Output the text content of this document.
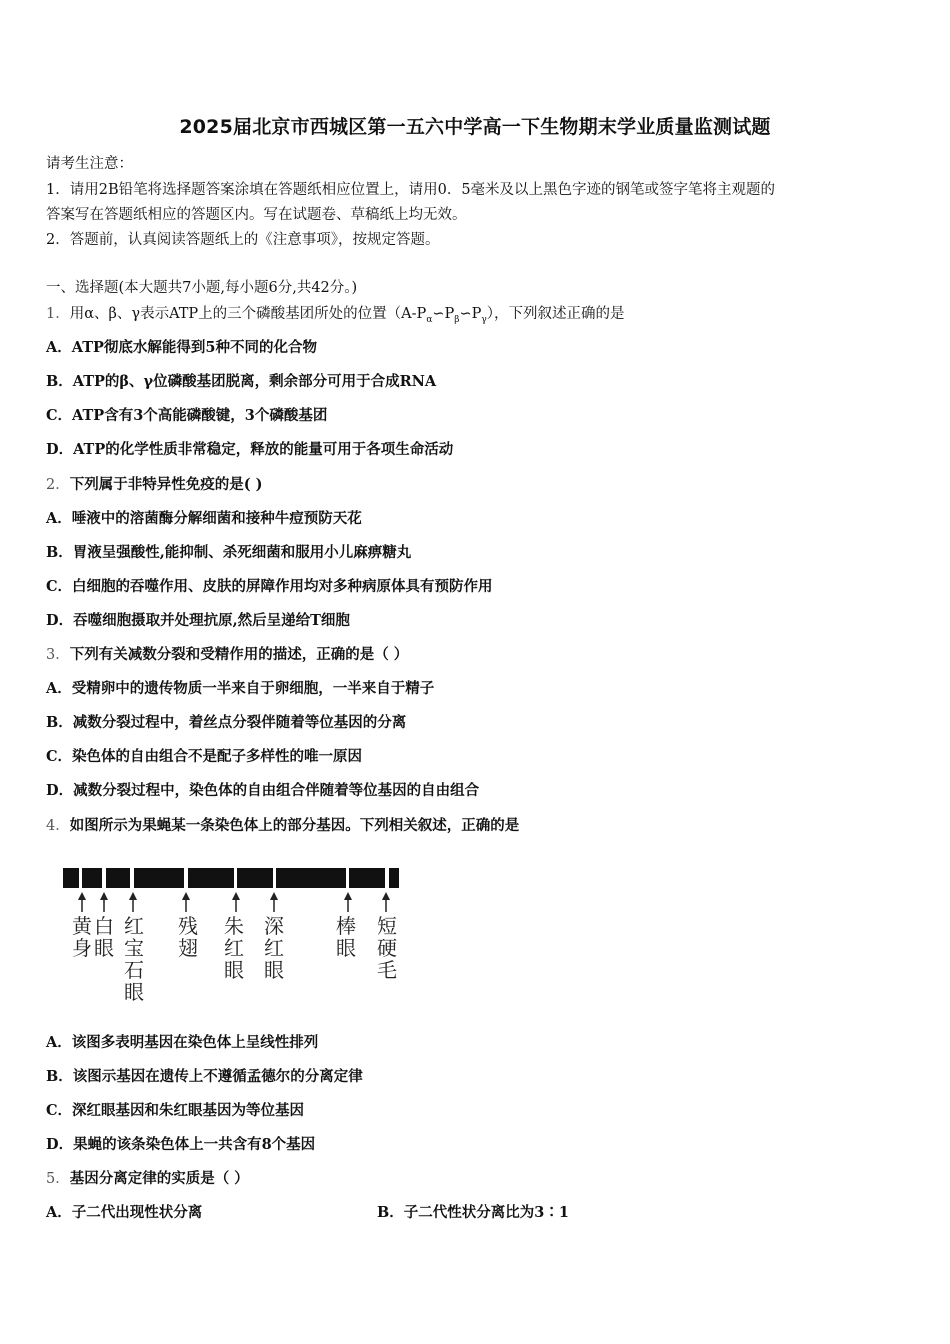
2025届北京市西城区第一五六中学高一下生物期末学业质量监测试题
请考生注意：
1．请用2B铅笔将选择题答案涂填在答题纸相应位置上，请用0．5毫米及以上黑色字迹的钢笔或签字笔将主观题的
答案写在答题纸相应的答题区内。写在试题卷、草稿纸上均无效。
2．答题前，认真阅读答题纸上的《注意事项》，按规定答题。
一、选择题(本大题共7小题,每小题6分,共42分。)
1．用α、β、γ表示ATP上的三个磷酸基团所处的位置$(A-P_\alpha∽P_\beta∽P_\gamma)$，下列叙述正确的是
A．ATP彻底水解能得到5种不同的化合物
B．ATP的β、γ位磷酸基团脱离，剩余部分可用于合成RNA
C．ATP含有3个高能磷酸键，3个磷酸基团
D．ATP的化学性质非常稳定，释放的能量可用于各项生命活动
2．下列属于非特异性免疫的是( )
A．唾液中的溶菌酶分解细菌和接种牛痘预防天花
B．胃液呈强酸性,能抑制、杀死细菌和服用小儿麻痹糖丸
C．白细胞的吞噬作用、皮肤的屏障作用均对多种病原体具有预防作用
D．吞噬细胞摄取并处理抗原,然后呈递给T细胞
3．下列有关减数分裂和受精作用的描述，正确的是（ ）
A．受精卵中的遗传物质一半来自于卵细胞，一半来自于精子
B．减数分裂过程中，着丝点分裂伴随着等位基因的分离
C．染色体的自由组合不是配子多样性的唯一原因
D．减数分裂过程中，染色体的自由组合伴随着等位基因的自由组合
4．如图所示为果蝇某一条染色体上的部分基因。下列相关叙述，正确的是
黄
身
白
眼
红
宝
石
眼
残
翅
朱
红
眼
深
红
眼
棒
眼
短
硬
毛
A．该图多表明基因在染色体上呈线性排列
B．该图示基因在遗传上不遵循孟德尔的分离定律
C．深红眼基因和朱红眼基因为等位基因
D．果蝇的该条染色体上一共含有8个基因
5．基因分离定律的实质是（ ）
A．子二代出现性状分离	B．子二代性状分离比为3∶1
